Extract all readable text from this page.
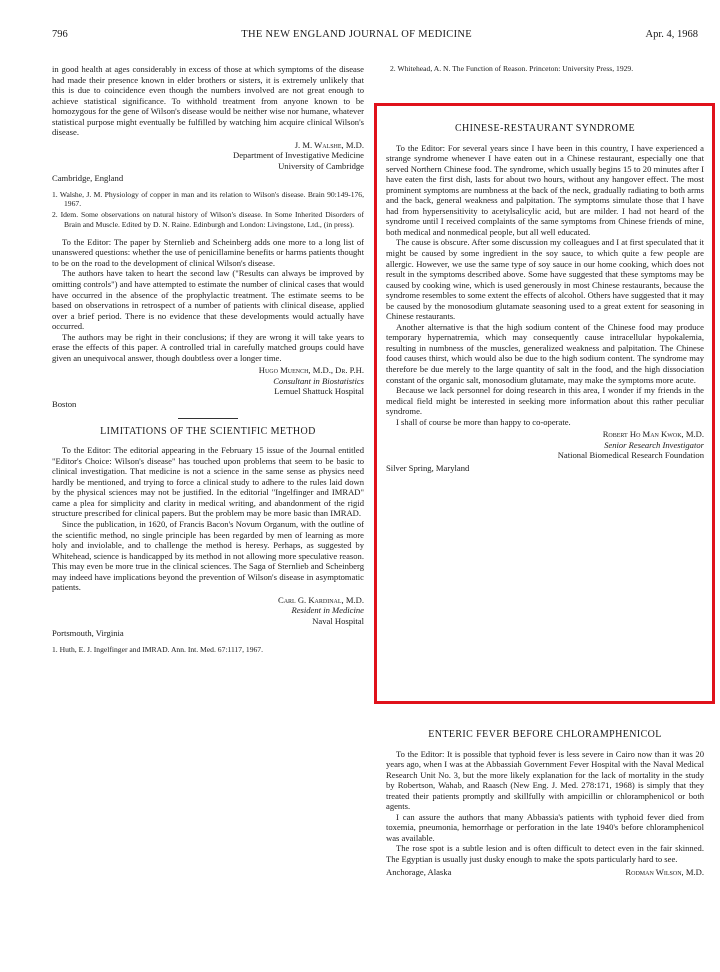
796	THE NEW ENGLAND JOURNAL OF MEDICINE	Apr. 4, 1968

in good health at ages considerably in excess of those at which symptoms of the disease had made their presence known in elder brothers or sisters, it is extremely unlikely that this is due to coincidence even though the numbers involved are not great enough to achieve statistical significance. To withhold treatment from anyone known to be homozygous for the gene of Wilson's disease would be neither wise nor humane, whatever statistical purpose might eventually be fulfilled by watching him acquire clinical Wilson's disease.

J. M. Walshe, M.D.
Department of Investigative Medicine
University of Cambridge
Cambridge, England
1. Walshe, J. M. Physiology of copper in man and its relation to Wilson's disease. Brain 90:149-176, 1967.
2. Idem. Some observations on natural history of Wilson's disease. In Some Inherited Disorders of Brain and Muscle. Edited by D. N. Raine. Edinburgh and London: Livingstone, Ltd., (in press).

To the Editor: The paper by Sternlieb and Scheinberg adds one more to a long list of unanswered questions: whether the use of penicillamine benefits or harms patients thought to be on the road to the development of clinical Wilson's disease.

The authors have taken to heart the second law ("Results can always be improved by omitting controls") and have attempted to estimate the number of clinical cases that would have occurred in the absence of the prophylactic treatment. The estimate seems to be based on observations in retrospect of a number of patients with clinical disease, applied over a brief period. There is no evidence that these developments would actually have occurred.

The authors may be right in their conclusions; if they are wrong it will take years to erase the effects of this paper. A controlled trial in carefully matched groups could have given an unequivocal answer, though doubtless over a longer time.

Hugo Muench, M.D., Dr. P.H.
Consultant in Biostatistics
Lemuel Shattuck Hospital
Boston
LIMITATIONS OF THE SCIENTIFIC METHOD

To the Editor: The editorial appearing in the February 15 issue of the Journal entitled "Editor's Choice: Wilson's disease" has touched upon problems that seem to be basic to clinical investigation. That medicine is not a science in the same sense as physics need hardly be mentioned, and trying to force a clinical study to adhere to the rules laid down by the physical sciences may not be justified. In the editorial "Ingelfinger and IMRAD" came a plea for simplicity and clarity in medical writing, and abandonment of the rigid structure prescribed for clinical papers. But the problem may be more basic than IMRAD.

Since the publication, in 1620, of Francis Bacon's Novum Organum, with the outline of the scientific method, no single principle has been regarded by men of learning as more holy and inviolable, and to challenge the method is heresy. Perhaps, as suggested by Whitehead, science is handicapped by its method in not allowing more speculative reason. This may even be more true in the clinical sciences. The Saga of Sternlieb and Scheinberg may indeed have implications beyond the prevention of Wilson's disease in asymptomatic patients.

Carl G. Kardinal, M.D.
Resident in Medicine
Naval Hospital
Portsmouth, Virginia
1. Huth, E. J. Ingelfinger and IMRAD. Ann. Int. Med. 67:1117, 1967.
2. Whitehead, A. N. The Function of Reason. Princeton: University Press, 1929.
CHINESE-RESTAURANT SYNDROME

To the Editor: For several years since I have been in this country, I have experienced a strange syndrome whenever I have eaten out in a Chinese restaurant, especially one that served Northern Chinese food. The syndrome, which usually begins 15 to 20 minutes after I have eaten the first dish, lasts for about two hours, without any hangover effect. The most prominent symptoms are numbness at the back of the neck, gradually radiating to both arms and the back, general weakness and palpitation. The symptoms simulate those that I have had from hypersensitivity to acetylsalicylic acid, but are milder. I had not heard of the syndrome until I received complaints of the same symptoms from Chinese friends of mine, both medical and nonmedical people, but all well educated.

The cause is obscure. After some discussion my colleagues and I at first speculated that it might be caused by some ingredient in the soy sauce, to which quite a few people are allergic. However, we use the same type of soy sauce in our home cooking, which does not result in the symptoms described above. Some have suggested that these symptoms may be caused by cooking wine, which is used generously in most Chinese restaurants, because the syndrome resembles to some extent the effects of alcohol. Others have suggested that it may be caused by the monosodium glutamate seasoning used to a great extent for seasoning in Chinese restaurants.

Another alternative is that the high sodium content of the Chinese food may produce temporary hypernatremia, which may consequently cause intracellular hypokalemia, resulting in numbness of the muscles, generalized weakness and palpitation. The Chinese food causes thirst, which would also be due to the high sodium content. The syndrome may therefore be due merely to the large quantity of salt in the food, and the high dissociation constant of the organic salt, monosodium glutamate, may make the symptoms more acute.

Because we lack personnel for doing research in this area, I wonder if my friends in the medical field might be interested in seeking more information about this rather peculiar syndrome.

I shall of course be more than happy to co-operate.

Robert Ho Man Kwok, M.D.
Senior Research Investigator
National Biomedical Research Foundation
Silver Spring, Maryland
ENTERIC FEVER BEFORE CHLORAMPHENICOL

To the Editor: It is possible that typhoid fever is less severe in Cairo now than it was 20 years ago, when I was at the Abbassiah Government Fever Hospital with the Naval Medical Research Unit No. 3, but the more likely explanation for the lack of mortality in the study by Robertson, Wahab, and Raasch (New Eng. J. Med. 278:171, 1968) is simply that they treated their patients promptly and skillfully with ampicillin or chloramphenicol or both agents.

I can assure the authors that many Abbassia's patients with typhoid fever died from toxemia, pneumonia, hemorrhage or perforation in the late 1940's before chloramphenicol was available.

The rose spot is a subtle lesion and is often difficult to detect even in the fair skinned. The Egyptian is usually just dusky enough to make the spots particularly hard to see.

Rodman Wilson, M.D.
Anchorage, Alaska
